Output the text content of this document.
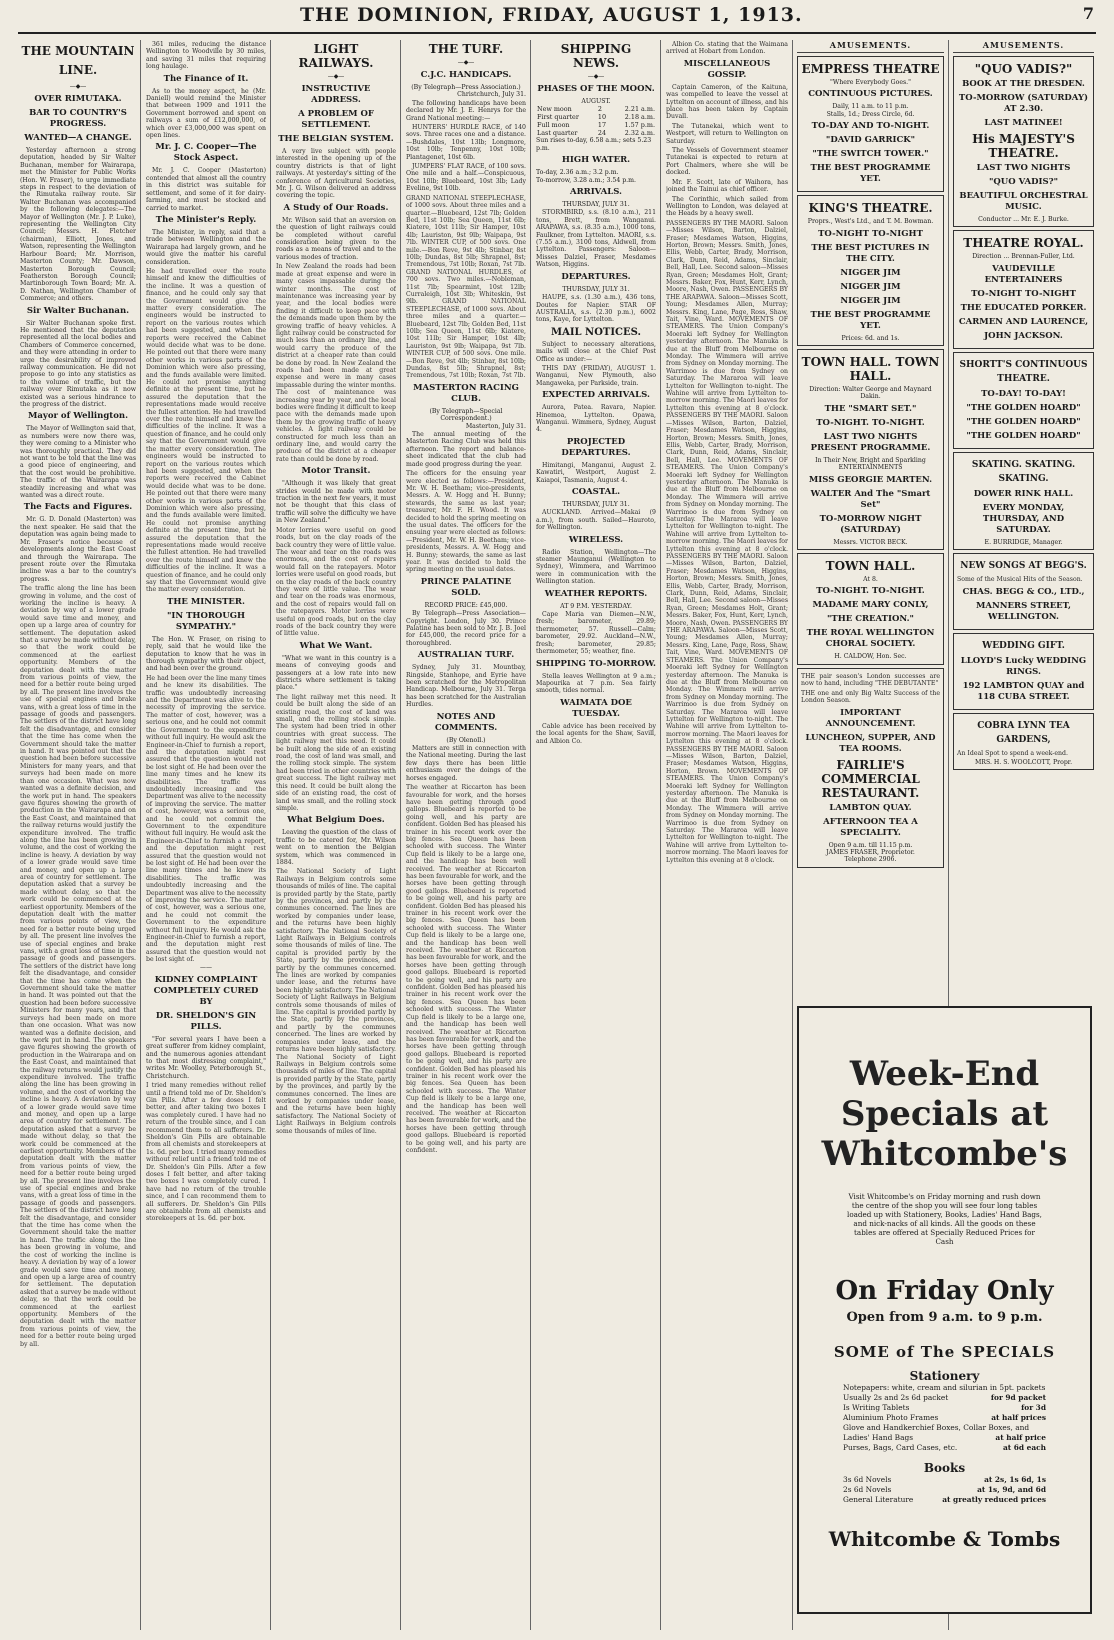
THE DOMINION, FRIDAY, AUGUST 1, 1913.	7
THE MOUNTAIN LINE.
—◆—
OVER RIMUTAKA.
BAR TO COUNTRY'S PROGRESS.
WANTED—A CHANGE.
Yesterday afternoon a strong deputation, headed by Sir Walter Buchanan, member for Wairarapa, met the Minister for Public Works (Hon. W. Fraser), to urge immediate steps in respect to the deviation of the Rimutaka railway route. Sir Walter Buchanan was accompanied by the following delegates:—The Mayor of Wellington (Mr. J. P. Luke), representing the Wellington City Council; Messrs. H. Fletcher (chairman), Elliott, Jones, and Watson, representing the Wellington Harbour Board; Mr. Morrison, Masterton County; Mr. Dawson, Masterton Borough Council; Featherston Borough Council; Martinborough Town Board; Mr. A. D. Nathan, Wellington Chamber of Commerce; and others.
Sir Walter Buchanan.
Sir Walter Buchanan spoke first. He mentioned that the deputation represented all the local bodies and Chambers of Commerce concerned, and they were attending in order to urge the desirability of improved railway communication. He did not propose to go into any statistics as to the volume of traffic, but the railway over Rimutaka as it now existed was a serious hindrance to the progress of the district.
Mayor of Wellington.
The Mayor of Wellington said that, as numbers were now there was, they were coming to a Minister who was thoroughly practical. They did not want to be told that the line was a good piece of engineering, and that the cost would be prohibitive. The traffic of the Wairarapa was steadily increasing and what was wanted was a direct route.
The Facts and Figures.
Mr. G. D. Donald (Masterton) was the next speaker. He said that the deputation was again being made to Mr. Fraser's notice because of developments along the East Coast and through the Wairarapa. The present route over the Rimutaka incline was a bar to the country's progress.
The traffic along the line has been growing in volume, and the cost of working the incline is heavy. A deviation by way of a lower grade would save time and money, and open up a large area of country for settlement. The deputation asked that a survey be made without delay, so that the work could be commenced at the earliest opportunity. Members of the deputation dealt with the matter from various points of view, the need for a better route being urged by all. The present line involves the use of special engines and brake vans, with a great loss of time in the passage of goods and passengers. The settlers of the district have long felt the disadvantage, and consider that the time has come when the Government should take the matter in hand. It was pointed out that the question had been before successive Ministers for many years, and that surveys had been made on more than one occasion. What was now wanted was a definite decision, and the work put in hand. The speakers gave figures showing the growth of production in the Wairarapa and on the East Coast, and maintained that the railway returns would justify the expenditure involved. The traffic along the line has been growing in volume, and the cost of working the incline is heavy. A deviation by way of a lower grade would save time and money, and open up a large area of country for settlement. The deputation asked that a survey be made without delay, so that the work could be commenced at the earliest opportunity. Members of the deputation dealt with the matter from various points of view, the need for a better route being urged by all. The present line involves the use of special engines and brake vans, with a great loss of time in the passage of goods and passengers. The settlers of the district have long felt the disadvantage, and consider that the time has come when the Government should take the matter in hand. It was pointed out that the question had been before successive Ministers for many years, and that surveys had been made on more than one occasion. What was now wanted was a definite decision, and the work put in hand. The speakers gave figures showing the growth of production in the Wairarapa and on the East Coast, and maintained that the railway returns would justify the expenditure involved. The traffic along the line has been growing in volume, and the cost of working the incline is heavy. A deviation by way of a lower grade would save time and money, and open up a large area of country for settlement. The deputation asked that a survey be made without delay, so that the work could be commenced at the earliest opportunity. Members of the deputation dealt with the matter from various points of view, the need for a better route being urged by all. The present line involves the use of special engines and brake vans, with a great loss of time in the passage of goods and passengers. The settlers of the district have long felt the disadvantage, and consider that the time has come when the Government should take the matter in hand. The traffic along the line has been growing in volume, and the cost of working the incline is heavy. A deviation by way of a lower grade would save time and money, and open up a large area of country for settlement. The deputation asked that a survey be made without delay, so that the work could be commenced at the earliest opportunity. Members of the deputation dealt with the matter from various points of view, the need for a better route being urged by all.
361 miles, reducing the distance Wellington to Woodville by 30 miles, and saving 31 miles that requiring long haulage.
The Finance of It.
As to the money aspect, he (Mr. Daniell) would remind the Minister that between 1909 and 1911 the Government borrowed and spent on railways a sum of £12,000,000, of which over £3,000,000 was spent on open lines.
Mr. J. C. Cooper—The Stock Aspect.
Mr. J. C. Cooper (Masterton) contended that almost all the country in this district was suitable for settlement, and some of it for dairy-farming, and must be stocked and carried to market.
The Minister's Reply.
The Minister, in reply, said that a trade between Wellington and the Wairarapa had largely grown, and he would give the matter his careful consideration.
He had travelled over the route himself and knew the difficulties of the incline. It was a question of finance, and he could only say that the Government would give the matter every consideration. The engineers would be instructed to report on the various routes which had been suggested, and when the reports were received the Cabinet would decide what was to be done. He pointed out that there were many other works in various parts of the Dominion which were also pressing, and the funds available were limited. He could not promise anything definite at the present time, but he assured the deputation that the representations made would receive the fullest attention. He had travelled over the route himself and knew the difficulties of the incline. It was a question of finance, and he could only say that the Government would give the matter every consideration. The engineers would be instructed to report on the various routes which had been suggested, and when the reports were received the Cabinet would decide what was to be done. He pointed out that there were many other works in various parts of the Dominion which were also pressing, and the funds available were limited. He could not promise anything definite at the present time, but he assured the deputation that the representations made would receive the fullest attention. He had travelled over the route himself and knew the difficulties of the incline. It was a question of finance, and he could only say that the Government would give the matter every consideration.
THE MINISTER.
"IN THOROUGH SYMPATHY."
The Hon. W. Fraser, on rising to reply, said that he would like the deputation to know that he was in thorough sympathy with their object, and had been over the ground.
He had been over the line many times and he knew its disabilities. The traffic was undoubtedly increasing and the Department was alive to the necessity of improving the service. The matter of cost, however, was a serious one, and he could not commit the Government to the expenditure without full inquiry. He would ask the Engineer-in-Chief to furnish a report, and the deputation might rest assured that the question would not be lost sight of. He had been over the line many times and he knew its disabilities. The traffic was undoubtedly increasing and the Department was alive to the necessity of improving the service. The matter of cost, however, was a serious one, and he could not commit the Government to the expenditure without full inquiry. He would ask the Engineer-in-Chief to furnish a report, and the deputation might rest assured that the question would not be lost sight of. He had been over the line many times and he knew its disabilities. The traffic was undoubtedly increasing and the Department was alive to the necessity of improving the service. The matter of cost, however, was a serious one, and he could not commit the Government to the expenditure without full inquiry. He would ask the Engineer-in-Chief to furnish a report, and the deputation might rest assured that the question would not be lost sight of.
——
KIDNEY COMPLAINT COMPLETELY CURED BY
DR. SHELDON'S GIN PILLS.
"For several years I have been a great sufferer from kidney complaint, and the numerous agonies attendant to that most distressing complaint," writes Mr. Woolley, Peterborough St., Christchurch.
I tried many remedies without relief until a friend told me of Dr. Sheldon's Gin Pills. After a few doses I felt better, and after taking two boxes I was completely cured. I have had no return of the trouble since, and I can recommend them to all sufferers. Dr. Sheldon's Gin Pills are obtainable from all chemists and storekeepers at 1s. 6d. per box. I tried many remedies without relief until a friend told me of Dr. Sheldon's Gin Pills. After a few doses I felt better, and after taking two boxes I was completely cured. I have had no return of the trouble since, and I can recommend them to all sufferers. Dr. Sheldon's Gin Pills are obtainable from all chemists and storekeepers at 1s. 6d. per box.
LIGHT RAILWAYS.
—◆—
INSTRUCTIVE ADDRESS.
A PROBLEM OF SETTLEMENT.
THE BELGIAN SYSTEM.
A very live subject with people interested in the opening up of the country districts is that of light railways. At yesterday's sitting of the conference of Agricultural Societies, Mr. J. G. Wilson delivered an address covering the topic.
A Study of Our Roads.
Mr. Wilson said that an aversion on the question of light railways could be completed without careful consideration being given to the roads as a means of travel and to the various modes of traction.
In New Zealand the roads had been made at great expense and were in many cases impassable during the winter months. The cost of maintenance was increasing year by year, and the local bodies were finding it difficult to keep pace with the demands made upon them by the growing traffic of heavy vehicles. A light railway could be constructed for much less than an ordinary line, and would carry the produce of the district at a cheaper rate than could be done by road. In New Zealand the roads had been made at great expense and were in many cases impassable during the winter months. The cost of maintenance was increasing year by year, and the local bodies were finding it difficult to keep pace with the demands made upon them by the growing traffic of heavy vehicles. A light railway could be constructed for much less than an ordinary line, and would carry the produce of the district at a cheaper rate than could be done by road.
Motor Transit.
"Although it was likely that great strides would be made with motor traction in the next few years, it must not be thought that this class of traffic will solve the difficulty we have in New Zealand."
Motor lorries were useful on good roads, but on the clay roads of the back country they were of little value. The wear and tear on the roads was enormous, and the cost of repairs would fall on the ratepayers. Motor lorries were useful on good roads, but on the clay roads of the back country they were of little value. The wear and tear on the roads was enormous, and the cost of repairs would fall on the ratepayers. Motor lorries were useful on good roads, but on the clay roads of the back country they were of little value.
What We Want.
"What we want in this country is a means of conveying goods and passengers at a low rate into new districts where settlement is taking place."
The light railway met this need. It could be built along the side of an existing road, the cost of land was small, and the rolling stock simple. The system had been tried in other countries with great success. The light railway met this need. It could be built along the side of an existing road, the cost of land was small, and the rolling stock simple. The system had been tried in other countries with great success. The light railway met this need. It could be built along the side of an existing road, the cost of land was small, and the rolling stock simple.
What Belgium Does.
Leaving the question of the class of traffic to be catered for, Mr. Wilson went on to mention the Belgian system, which was commenced in 1884.
The National Society of Light Railways in Belgium controls some thousands of miles of line. The capital is provided partly by the State, partly by the provinces, and partly by the communes concerned. The lines are worked by companies under lease, and the returns have been highly satisfactory. The National Society of Light Railways in Belgium controls some thousands of miles of line. The capital is provided partly by the State, partly by the provinces, and partly by the communes concerned. The lines are worked by companies under lease, and the returns have been highly satisfactory. The National Society of Light Railways in Belgium controls some thousands of miles of line. The capital is provided partly by the State, partly by the provinces, and partly by the communes concerned. The lines are worked by companies under lease, and the returns have been highly satisfactory. The National Society of Light Railways in Belgium controls some thousands of miles of line. The capital is provided partly by the State, partly by the provinces, and partly by the communes concerned. The lines are worked by companies under lease, and the returns have been highly satisfactory. The National Society of Light Railways in Belgium controls some thousands of miles of line.
THE TURF.
—◆—
C.J.C. HANDICAPS.
(By Telegraph—Press Association.)
Christchurch, July 31.
The following handicaps have been declared by Mr. J. E. Henrys for the Grand National meeting:—
HUNTERS' HURDLE RACE, of 140 sovs. Three races one and a distance.—Bushdales, 10st 13lb; Longmore, 10st 10lb; Tenpenny, 10st 10lb; Plantagenet, 10st 6lb.
JUMPERS' FLAT RACE, of 100 sovs. One mile and a half.—Conspicuous, 10st 10lb; Bluebeard, 10st 3lb; Lady Eveline, 9st 10lb.
GRAND NATIONAL STEEPLECHASE, of 1000 sovs. About three miles and a quarter.—Bluebeard, 12st 7lb; Golden Bed, 11st 10lb; Sea Queen, 11st 6lb; Kiatere, 10st 11lb; Sir Hamper, 10st 4lb; Lauriston, 9st 9lb; Waipapa, 9st 7lb. WINTER CUP, of 500 sovs. One mile.—Bon Reve, 9st 4lb; Stinbar, 8st 10lb; Dundas, 8st 5lb; Shrapnel, 8st; Tremendous, 7st 10lb; Roxan, 7st 7lb. GRAND NATIONAL HURDLES, of 700 sovs. Two miles.—Nobleman, 11st 7lb; Spearmint, 10st 12lb; Curraleigh, 10st 3lb; Whiteskin, 9st 9lb. GRAND NATIONAL STEEPLECHASE, of 1000 sovs. About three miles and a quarter.—Bluebeard, 12st 7lb; Golden Bed, 11st 10lb; Sea Queen, 11st 6lb; Kiatere, 10st 11lb; Sir Hamper, 10st 4lb; Lauriston, 9st 9lb; Waipapa, 9st 7lb. WINTER CUP, of 500 sovs. One mile.—Bon Reve, 9st 4lb; Stinbar, 8st 10lb; Dundas, 8st 5lb; Shrapnel, 8st; Tremendous, 7st 10lb; Roxan, 7st 7lb.
MASTERTON RACING CLUB.
(By Telegraph—Special Correspondent.)
Masterton, July 31.
The annual meeting of the Masterton Racing Club was held this afternoon. The report and balance-sheet indicated that the club had made good progress during the year.
The officers for the ensuing year were elected as follows:—President, Mr. W. H. Beetham; vice-presidents, Messrs. A. W. Hogg and H. Bunny; stewards, the same as last year; treasurer, Mr. F. H. Wood. It was decided to hold the spring meeting on the usual dates. The officers for the ensuing year were elected as follows:—President, Mr. W. H. Beetham; vice-presidents, Messrs. A. W. Hogg and H. Bunny; stewards, the same as last year. It was decided to hold the spring meeting on the usual dates.
PRINCE PALATINE SOLD.
RECORD PRICE: £45,000.
By Telegraph—Press Association—Copyright. London, July 30. Prince Palatine has been sold to Mr. J. B. Joel for £45,000, the record price for a thoroughbred.
AUSTRALIAN TURF.
Sydney, July 31. Mountbay, Ringside, Stanhope, and Eyrie have been scratched for the Metropolitan Handicap. Melbourne, July 31. Terga has been scratched for the Australian Hurdles.
NOTES AND COMMENTS.
(By Olenoll.)
Matters are still in connection with the National meeting. During the last few days there has been little enthusiasm over the doings of the horses engaged.
The weather at Riccarton has been favourable for work, and the horses have been getting through good gallops. Bluebeard is reported to be going well, and his party are confident. Golden Bed has pleased his trainer in his recent work over the big fences. Sea Queen has been schooled with success. The Winter Cup field is likely to be a large one, and the handicap has been well received. The weather at Riccarton has been favourable for work, and the horses have been getting through good gallops. Bluebeard is reported to be going well, and his party are confident. Golden Bed has pleased his trainer in his recent work over the big fences. Sea Queen has been schooled with success. The Winter Cup field is likely to be a large one, and the handicap has been well received. The weather at Riccarton has been favourable for work, and the horses have been getting through good gallops. Bluebeard is reported to be going well, and his party are confident. Golden Bed has pleased his trainer in his recent work over the big fences. Sea Queen has been schooled with success. The Winter Cup field is likely to be a large one, and the handicap has been well received. The weather at Riccarton has been favourable for work, and the horses have been getting through good gallops. Bluebeard is reported to be going well, and his party are confident. Golden Bed has pleased his trainer in his recent work over the big fences. Sea Queen has been schooled with success. The Winter Cup field is likely to be a large one, and the handicap has been well received. The weather at Riccarton has been favourable for work, and the horses have been getting through good gallops. Bluebeard is reported to be going well, and his party are confident.
SHIPPING NEWS.
—◆—
PHASES OF THE MOON.
AUGUST.
New moon	2	2.21 a.m.
First quarter	10	2.18 a.m.
Full moon	17	1.57 p.m.
Last quarter	24	2.32 a.m.
Sun rises to-day, 6.58 a.m.; sets 5.23 p.m.
HIGH WATER.
To-day, 2.36 a.m.; 3.2 p.m.
To-morrow, 3.28 a.m.; 3.54 p.m.
ARRIVALS.
THURSDAY, JULY 31.
STORMBIRD, s.s. (8.10 a.m.), 211 tons, Brett, from Wanganui. ARAPAWA, s.s. (8.35 a.m.), 1000 tons, Faulkner, from Lyttelton. MAORI, s.s. (7.55 a.m.), 3100 tons, Aldwell, from Lyttelton. Passengers: Saloon—Misses Dalziel, Fraser, Mesdames Watson, Higgins.
DEPARTURES.
THURSDAY, JULY 31.
HAUPE, s.s. (1.30 a.m.), 436 tons, Doutes for Napier. STAR OF AUSTRALIA, s.s. (2.30 p.m.), 6002 tons, Kaye, for Lyttelton.
MAIL NOTICES.
Subject to necessary alterations, mails will close at the Chief Post Office as under:—
THIS DAY (FRIDAY), AUGUST 1. Wanganui, New Plymouth, also Mangaweka, per Parkside, train.
EXPECTED ARRIVALS.
Aurora, Patea. Ravara, Napier. Hinemoa, Lyttelton. Opawa, Wanganui. Wimmera, Sydney, August 4.
PROJECTED DEPARTURES.
Himitangi, Manganui, August 2. Kawatiri, Westport, August 2. Kaiapoi, Tasmania, August 4.
COASTAL.
THURSDAY, JULY 31.
AUCKLAND. Arrived—Makai (9 a.m.), from south. Sailed—Hauroto, for Wellington.
WIRELESS.
Radio Station, Wellington—The steamer Maunganui (Wellington to Sydney), Wimmera, and Warrimoo were in communication with the Wellington station.
WEATHER REPORTS.
AT 9 P.M. YESTERDAY.
Cape Maria van Diemen—N.W., fresh; barometer, 29.89; thermometer, 57. Russell—Calm; barometer, 29.92. Auckland—N.W., fresh; barometer, 29.85; thermometer, 55; weather, fine.
SHIPPING TO-MORROW.
Stella leaves Wellington at 9 a.m.; Mapourika at 7 p.m. Sea fairly smooth, tides normal.
WAIMATA DOE TUESDAY.
Cable advice has been received by the local agents for the Shaw, Savill, and Albion Co.
Albion Co. stating that the Waimana arrived at Hobart from London.
MISCELLANEOUS GOSSIP.
Captain Cameron, of the Kaituna, was compelled to leave the vessel at Lyttelton on account of illness, and his place has been taken by Captain Duvall.
The Tutanekai, which went to Westport, will return to Wellington on Saturday.
The Vessels of Government steamer Tutanekai is expected to return at Port Chalmers, where she will be docked.
Mr. F. Scott, late of Waihora, has joined the Tainui as chief officer.
The Corinthic, which sailed from Wellington to London, was delayed at the Heads by a heavy swell.
PASSENGERS BY THE MAORI. Saloon—Misses Wilson, Barton, Dalziel, Fraser; Mesdames Watson, Higgins, Horton, Brown; Messrs. Smith, Jones, Ellis, Webb, Carter, Brady, Morrison, Clark, Dunn, Reid, Adams, Sinclair, Bell, Hall, Lee. Second saloon—Misses Ryan, Green; Mesdames Holt, Grant; Messrs. Baker, Fox, Hunt, Kerr, Lynch, Moore, Nash, Owen. PASSENGERS BY THE ARAPAWA. Saloon—Misses Scott, Young; Mesdames Allen, Murray; Messrs. King, Lane, Page, Ross, Shaw, Tait, Vine, Ward. MOVEMENTS OF STEAMERS. The Union Company's Moeraki left Sydney for Wellington yesterday afternoon. The Manuka is due at the Bluff from Melbourne on Monday. The Wimmera will arrive from Sydney on Monday morning. The Warrimoo is due from Sydney on Saturday. The Mararoa will leave Lyttelton for Wellington to-night. The Wahine will arrive from Lyttelton to-morrow morning. The Maori leaves for Lyttelton this evening at 8 o'clock. PASSENGERS BY THE MAORI. Saloon—Misses Wilson, Barton, Dalziel, Fraser; Mesdames Watson, Higgins, Horton, Brown; Messrs. Smith, Jones, Ellis, Webb, Carter, Brady, Morrison, Clark, Dunn, Reid, Adams, Sinclair, Bell, Hall, Lee. MOVEMENTS OF STEAMERS. The Union Company's Moeraki left Sydney for Wellington yesterday afternoon. The Manuka is due at the Bluff from Melbourne on Monday. The Wimmera will arrive from Sydney on Monday morning. The Warrimoo is due from Sydney on Saturday. The Mararoa will leave Lyttelton for Wellington to-night. The Wahine will arrive from Lyttelton to-morrow morning. The Maori leaves for Lyttelton this evening at 8 o'clock. PASSENGERS BY THE MAORI. Saloon—Misses Wilson, Barton, Dalziel, Fraser; Mesdames Watson, Higgins, Horton, Brown; Messrs. Smith, Jones, Ellis, Webb, Carter, Brady, Morrison, Clark, Dunn, Reid, Adams, Sinclair, Bell, Hall, Lee. Second saloon—Misses Ryan, Green; Mesdames Holt, Grant; Messrs. Baker, Fox, Hunt, Kerr, Lynch, Moore, Nash, Owen. PASSENGERS BY THE ARAPAWA. Saloon—Misses Scott, Young; Mesdames Allen, Murray; Messrs. King, Lane, Page, Ross, Shaw, Tait, Vine, Ward. MOVEMENTS OF STEAMERS. The Union Company's Moeraki left Sydney for Wellington yesterday afternoon. The Manuka is due at the Bluff from Melbourne on Monday. The Wimmera will arrive from Sydney on Monday morning. The Warrimoo is due from Sydney on Saturday. The Mararoa will leave Lyttelton for Wellington to-night. The Wahine will arrive from Lyttelton to-morrow morning. The Maori leaves for Lyttelton this evening at 8 o'clock. PASSENGERS BY THE MAORI. Saloon—Misses Wilson, Barton, Dalziel, Fraser; Mesdames Watson, Higgins, Horton, Brown. MOVEMENTS OF STEAMERS. The Union Company's Moeraki left Sydney for Wellington yesterday afternoon. The Manuka is due at the Bluff from Melbourne on Monday. The Wimmera will arrive from Sydney on Monday morning. The Warrimoo is due from Sydney on Saturday. The Mararoa will leave Lyttelton for Wellington to-night. The Wahine will arrive from Lyttelton to-morrow morning. The Maori leaves for Lyttelton this evening at 8 o'clock.
AMUSEMENTS.
EMPRESS THEATRE
"Where Everybody Goes."
CONTINUOUS PICTURES.
Daily, 11 a.m. to 11 p.m.
Stalls, 1d.; Dress Circle, 6d.
TO-DAY AND TO-NIGHT.
"DAVID GARRICK"
"THE SWITCH TOWER."
THE BEST PROGRAMME YET.
KING'S THEATRE.
Proprs., West's Ltd., and T. M. Bowman.
TO-NIGHT TO-NIGHT
THE BEST PICTURES IN THE CITY.
NIGGER JIM
NIGGER JIM
NIGGER JIM
THE BEST PROGRAMME YET.
Prices: 6d. and 1s.
TOWN HALL. TOWN HALL.
Direction: Walter George and Maynard Dakin.
THE "SMART SET."
TO-NIGHT. TO-NIGHT.
LAST TWO NIGHTS PRESENT PROGRAMME.
In Their New, Bright and Sparkling ENTERTAINMENTS
MISS GEORGIE MARTEN.
WALTER And The "Smart Set"
TO-MORROW NIGHT (SATURDAY)
Messrs. VICTOR BECK.
TOWN HALL.
At 8.
TO-NIGHT. TO-NIGHT.
MADAME MARY CONLY,
"THE CREATION."
THE ROYAL WELLINGTON CHORAL SOCIETY.
H. CALDOW, Hon. Sec.
THE pair season's London successes are now to hand, including "THE DEBUTANTE"
THE one and only Big Waltz Success of the London Season.
IMPORTANT ANNOUNCEMENT.
LUNCHEON, SUPPER, AND TEA ROOMS.
FAIRLIE'S COMMERCIAL RESTAURANT.
LAMBTON QUAY.
AFTERNOON TEA A SPECIALITY.
Open 9 a.m. till 11.15 p.m.
JAMES FRASER, Proprietor.
Telephone 2906.
AMUSEMENTS.
"QUO VADIS?"
BOOK AT THE DRESDEN.
TO-MORROW (SATURDAY) AT 2.30.
LAST MATINEE!
His MAJESTY'S THEATRE.
LAST TWO NIGHTS
"QUO VADIS?"
BEAUTIFUL ORCHESTRAL MUSIC.
Conductor ... Mr. E. J. Burke.
THEATRE ROYAL.
Direction ... Brennan-Fuller, Ltd.
VAUDEVILLE ENTERTAINERS
TO-NIGHT TO-NIGHT
THE EDUCATED PORKER.
CARMEN AND LAURENCE,
JOHN JACKSON.
SHORTT'S CONTINUOUS THEATRE.
TO-DAY! TO-DAY!
"THE GOLDEN HOARD"
"THE GOLDEN HOARD"
"THE GOLDEN HOARD"
SKATING. SKATING. SKATING.
DOWER RINK HALL.
EVERY MONDAY, THURSDAY, AND SATURDAY.
E. BURRIDGE, Manager.
NEW SONGS AT BEGG'S.
Some of the Musical Hits of the Season.
CHAS. BEGG & CO., LTD.,
MANNERS STREET, WELLINGTON.
WEDDING GIFT.
LLOYD'S Lucky WEDDING RINGS.
192 LAMBTON QUAY and 118 CUBA STREET.
COBRA LYNN TEA GARDENS,
An Ideal Spot to spend a week-end.
MRS. H. S. WOOLCOTT, Propr.
Week-End
Specials at
Whitcombe's
Visit Whitcombe's on Friday morning and rush down the centre of the shop you will see four long tables loaded up with Stationery, Books, Ladies' Hand Bags, and nick-nacks of all kinds. All the goods on these tables are offered at Specially Reduced Prices for Cash
On Friday Only
Open from 9 a.m. to 9 p.m.
SOME of The SPECIALS
Stationery
Notepapers: white, cream and silurian in 5pt. packets
Usually 2s and 2s 6d packet	for 9d packet
Is Writing Tablets	for 3d
Aluminium Photo Frames	at half prices
Glove and Handkerchief Boxes, Collar Boxes, and
Ladies' Hand Bags	at half price
Purses, Bags, Card Cases, etc.	at 6d each
Books
3s 6d Novels	at 2s, 1s 6d, 1s
2s 6d Novels	at 1s, 9d, and 6d
General Literature	at greatly reduced prices
Whitcombe & Tombs
